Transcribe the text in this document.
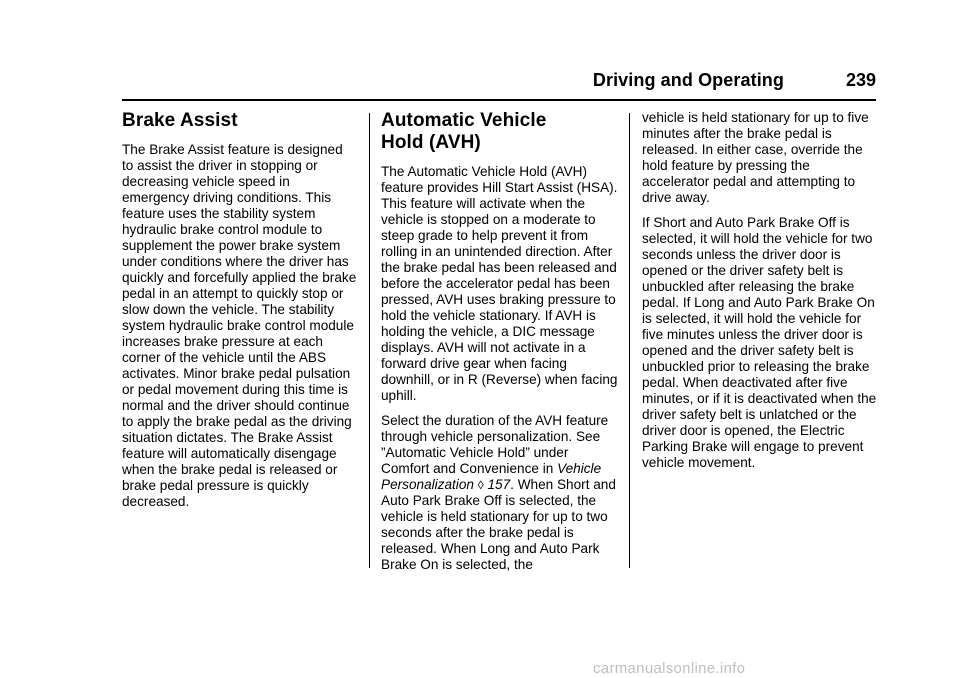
Driving and Operating	239
Brake Assist

The Brake Assist feature is designed to assist the driver in stopping or decreasing vehicle speed in emergency driving conditions. This feature uses the stability system hydraulic brake control module to supplement the power brake system under conditions where the driver has quickly and forcefully applied the brake pedal in an attempt to quickly stop or slow down the vehicle. The stability system hydraulic brake control module increases brake pressure at each corner of the vehicle until the ABS activates. Minor brake pedal pulsation or pedal movement during this time is normal and the driver should continue to apply the brake pedal as the driving situation dictates. The Brake Assist feature will automatically disengage when the brake pedal is released or brake pedal pressure is quickly decreased.

Automatic Vehicle
Hold (AVH)

The Automatic Vehicle Hold (AVH) feature provides Hill Start Assist (HSA). This feature will activate when the vehicle is stopped on a moderate to steep grade to help prevent it from rolling in an unintended direction. After the brake pedal has been released and before the accelerator pedal has been pressed, AVH uses braking pressure to hold the vehicle stationary. If AVH is holding the vehicle, a DIC message displays. AVH will not activate in a forward drive gear when facing downhill, or in R (Reverse) when facing uphill.

Select the duration of the AVH feature through vehicle personalization. See ”Automatic Vehicle Hold” under Comfort and Convenience in Vehicle Personalization ◊ 157. When Short and Auto Park Brake Off is selected, the vehicle is held stationary for up to two seconds after the brake pedal is released. When Long and Auto Park Brake On is selected, the

vehicle is held stationary for up to five minutes after the brake pedal is released. In either case, override the hold feature by pressing the accelerator pedal and attempting to drive away.

If Short and Auto Park Brake Off is selected, it will hold the vehicle for two seconds unless the driver door is opened or the driver safety belt is unbuckled after releasing the brake pedal. If Long and Auto Park Brake On is selected, it will hold the vehicle for five minutes unless the driver door is opened and the driver safety belt is unbuckled prior to releasing the brake pedal. When deactivated after five minutes, or if it is deactivated when the driver safety belt is unlatched or the driver door is opened, the Electric Parking Brake will engage to prevent vehicle movement.

carmanualsonline.info
